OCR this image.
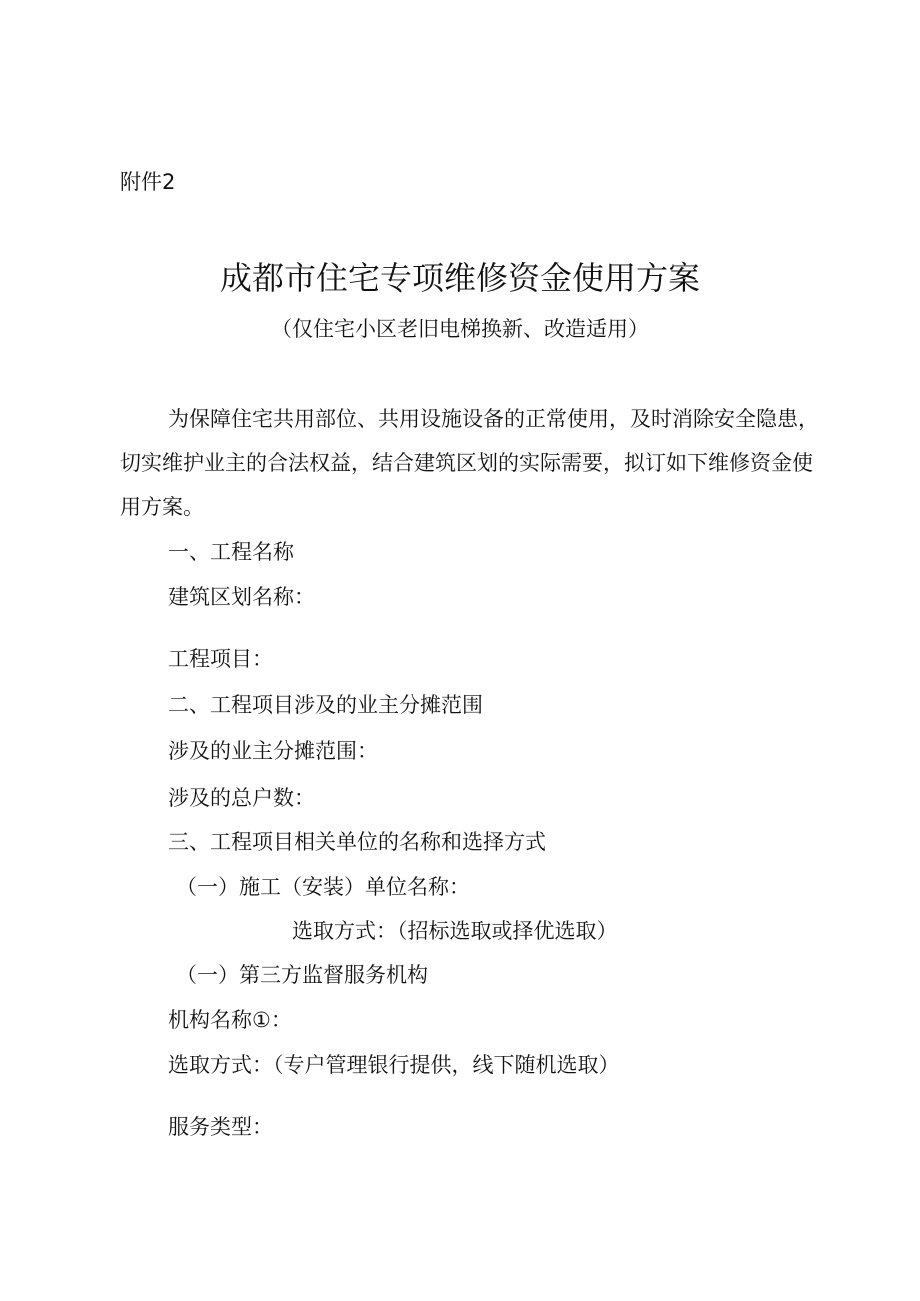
附件2
成都市住宅专项维修资金使用方案
（仅住宅小区老旧电梯换新、改造适用）
为保障住宅共用部位、共用设施设备的正常使用，及时消除安全隐患，
切实维护业主的合法权益，结合建筑区划的实际需要，拟订如下维修资金使
用方案。
一、工程名称
建筑区划名称：
工程项目：
二、工程项目涉及的业主分摊范围
涉及的业主分摊范围：
涉及的总户数：
三、工程项目相关单位的名称和选择方式
（一）施工（安装）单位名称：
选取方式：（招标选取或择优选取）
（一）第三方监督服务机构
机构名称①：
选取方式：（专户管理银行提供，线下随机选取）
服务类型：
